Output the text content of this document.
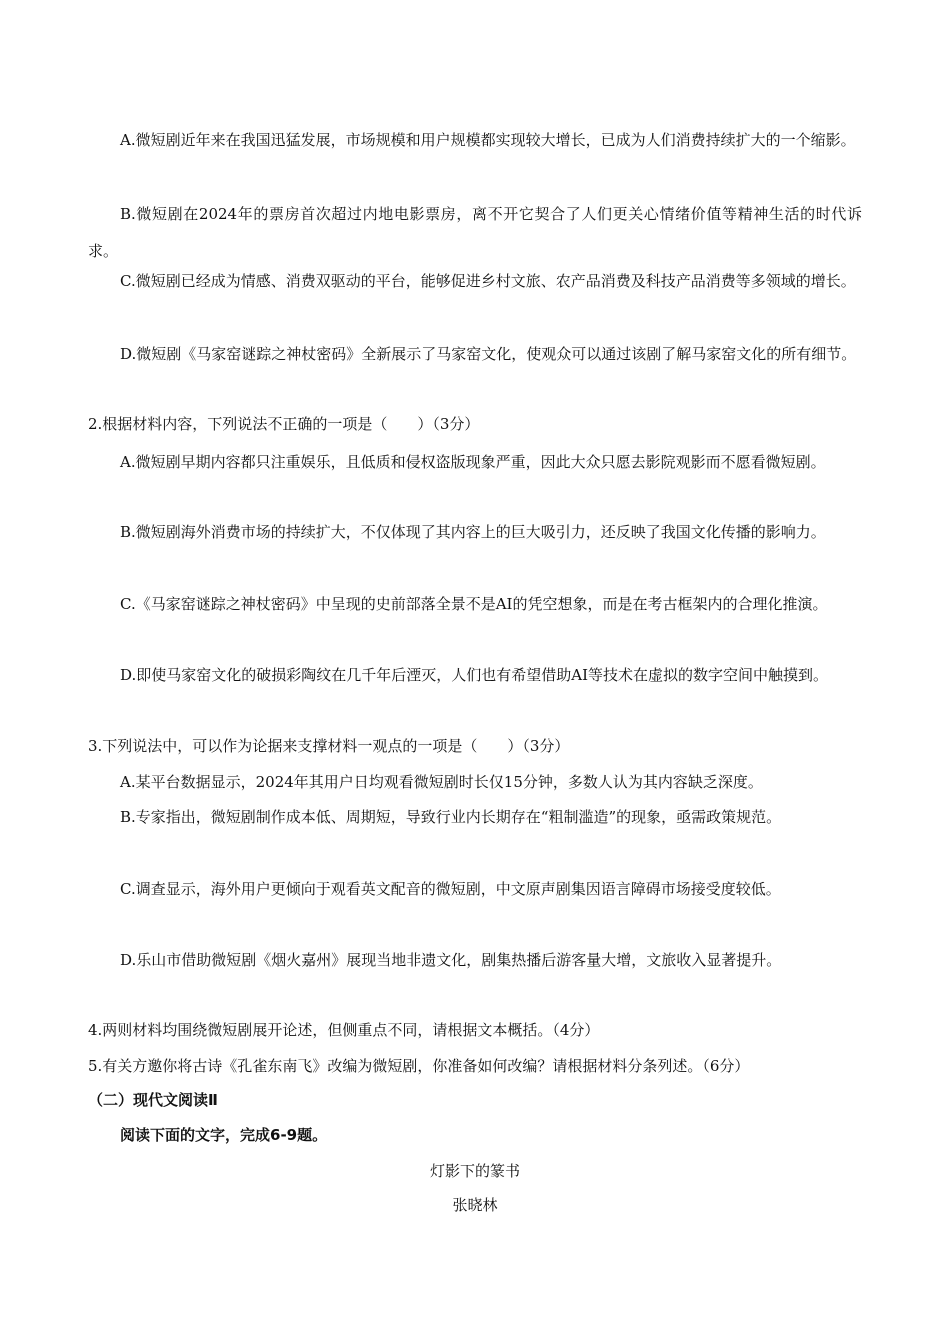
A.微短剧近年来在我国迅猛发展，市场规模和用户规模都实现较大增长，已成为人们消费持续扩大的一个缩影。

B.微短剧在2024年的票房首次超过内地电影票房，离不开它契合了人们更关心情绪价值等精神生活的时代诉求。

C.微短剧已经成为情感、消费双驱动的平台，能够促进乡村文旅、农产品消费及科技产品消费等多领域的增长。

D.微短剧《马家窑谜踪之神杖密码》全新展示了马家窑文化，使观众可以通过该剧了解马家窑文化的所有细节。

2.根据材料内容，下列说法不正确的一项是（　　）（3分）

A.微短剧早期内容都只注重娱乐，且低质和侵权盗版现象严重，因此大众只愿去影院观影而不愿看微短剧。

B.微短剧海外消费市场的持续扩大，不仅体现了其内容上的巨大吸引力，还反映了我国文化传播的影响力。

C.《马家窑谜踪之神杖密码》中呈现的史前部落全景不是AI的凭空想象，而是在考古框架内的合理化推演。

D.即使马家窑文化的破损彩陶纹在几千年后湮灭，人们也有希望借助AI等技术在虚拟的数字空间中触摸到。

3.下列说法中，可以作为论据来支撑材料一观点的一项是（　　）（3分）

A.某平台数据显示，2024年其用户日均观看微短剧时长仅15分钟，多数人认为其内容缺乏深度。

B.专家指出，微短剧制作成本低、周期短，导致行业内长期存在“粗制滥造”的现象，亟需政策规范。

C.调查显示，海外用户更倾向于观看英文配音的微短剧，中文原声剧集因语言障碍市场接受度较低。

D.乐山市借助微短剧《烟火嘉州》展现当地非遗文化，剧集热播后游客量大增，文旅收入显著提升。

4.两则材料均围绕微短剧展开论述，但侧重点不同，请根据文本概括。（4分）

5.有关方邀你将古诗《孔雀东南飞》改编为微短剧，你准备如何改编？请根据材料分条列述。（6分）

（二）现代文阅读Ⅱ

阅读下面的文字，完成6-9题。

灯影下的篆书

张晓林
